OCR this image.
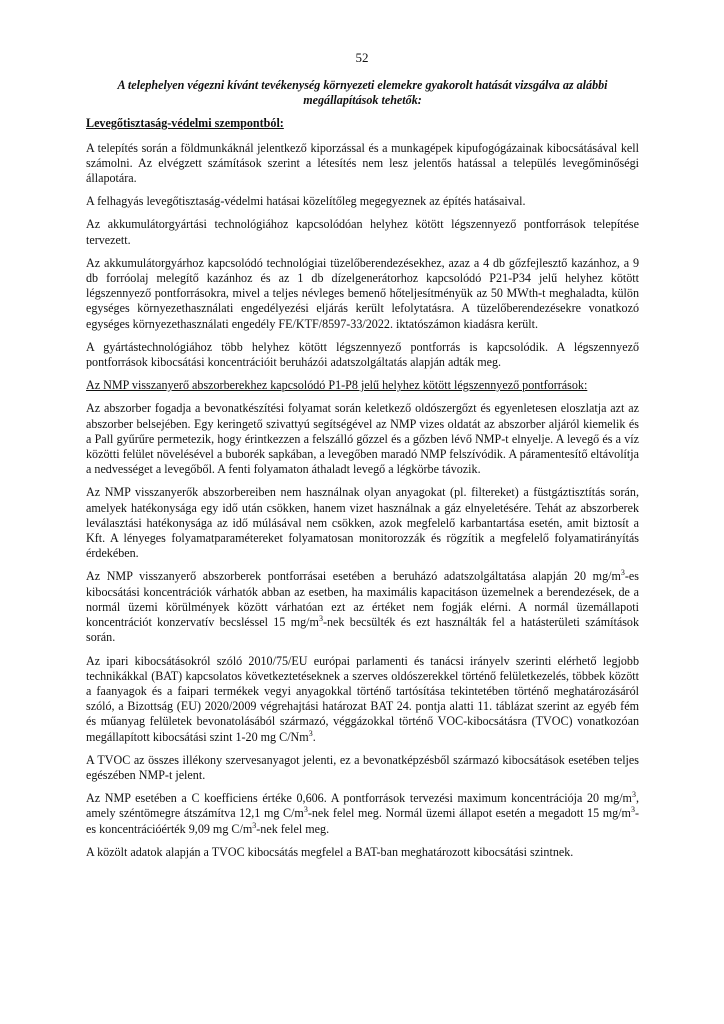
52

A telephelyen végezni kívánt tevékenység környezeti elemekre gyakorolt hatását vizsgálva az alábbi megállapítások tehetők:

Levegőtisztaság-védelmi szempontból:

A telepítés során a földmunkáknál jelentkező kiporzással és a munkagépek kipufogógázainak kibocsátásával kell számolni. Az elvégzett számítások szerint a létesítés nem lesz jelentős hatással a település levegőminőségi állapotára.

A felhagyás levegőtisztaság-védelmi hatásai közelítőleg megegyeznek az építés hatásaival.

Az akkumulátorgyártási technológiához kapcsolódóan helyhez kötött légszennyező pontforrások telepítése tervezett.

Az akkumulátorgyárhoz kapcsolódó technológiai tüzelőberendezésekhez, azaz a 4 db gőzfejlesztő kazánhoz, a 9 db forróolaj melegítő kazánhoz és az 1 db dízelgenerátorhoz kapcsolódó P21-P34 jelű helyhez kötött légszennyező pontforrásokra, mivel a teljes névleges bemenő hőteljesítményük az 50 MWth-t meghaladta, külön egységes környezethasználati engedélyezési eljárás került lefolytatásra. A tüzelőberendezésekre vonatkozó egységes környezethasználati engedély FE/KTF/8597-33/2022. iktatószámon kiadásra került.

A gyártástechnológiához több helyhez kötött légszennyező pontforrás is kapcsolódik. A légszennyező pontforrások kibocsátási koncentrációit beruházói adatszolgáltatás alapján adták meg.

Az NMP visszanyerő abszorberekhez kapcsolódó P1-P8 jelű helyhez kötött légszennyező pontforrások:

Az abszorber fogadja a bevonatkészítési folyamat során keletkező oldószergőzt és egyenletesen eloszlatja azt az abszorber belsejében. Egy keringető szivattyú segítségével az NMP vizes oldatát az abszorber aljáról kiemelik és a Pall gyűrűre permetezik, hogy érintkezzen a felszálló gőzzel és a gőzben lévő NMP-t elnyelje. A levegő és a víz közötti felület növelésével a buborék sapkában, a levegőben maradó NMP felszívódik. A páramentesítő eltávolítja a nedvességet a levegőből. A fenti folyamaton áthaladt levegő a légkörbe távozik.

Az NMP visszanyerők abszorbereiben nem használnak olyan anyagokat (pl. filtereket) a füstgáztisztítás során, amelyek hatékonysága egy idő után csökken, hanem vizet használnak a gáz elnyeletésére. Tehát az abszorberek leválasztási hatékonysága az idő múlásával nem csökken, azok megfelelő karbantartása esetén, amit biztosít a Kft. A lényeges folyamatparamétereket folyamatosan monitorozzák és rögzítik a megfelelő folyamatirányítás érdekében.

Az NMP visszanyerő abszorberek pontforrásai esetében a beruházó adatszolgáltatása alapján 20 $mg/m^3-es$ kibocsátási koncentrációk várhatók abban az esetben, ha maximális kapacitáson üzemelnek a berendezések, de a normál üzemi körülmények között várhatóan ezt az értéket nem fogják elérni. A normál üzemállapoti koncentrációt konzervatív becsléssel 15 $mg/m^3$-nek becsülték és ezt használták fel a hatásterületi számítások során.

Az ipari kibocsátásokról szóló 2010/75/EU európai parlamenti és tanácsi irányelv szerinti elérhető legjobb technikákkal (BAT) kapcsolatos következtetéseknek a szerves oldószerekkel történő felületkezelés, többek között a faanyagok és a faipari termékek vegyi anyagokkal történő tartósítása tekintetében történő meghatározásáról szóló, a Bizottság (EU) 2020/2009 végrehajtási határozat BAT 24. pontja alatti 11. táblázat szerint az egyéb fém és műanyag felületek bevonatolásából származó, véggázokkal történő VOC-kibocsátásra (TVOC) vonatkozóan megállapított kibocsátási szint 1-20 mg C/Nm$^3$.

A TVOC az összes illékony szervesanyagot jelenti, ez a bevonatképzésből származó kibocsátások esetében teljes egészében NMP-t jelent.

Az NMP esetében a C koefficiens értéke 0,606. A pontforrások tervezési maximum koncentrációja 20 $mg/m^3$, amely széntömegre átszámítva 12,1 mg $C/m^3$-nek felel meg. Normál üzemi állapot esetén a megadott 15 $mg/m^3-es$ koncentrációérték 9,09 mg $C/m^3$-nek felel meg.

A közölt adatok alapján a TVOC kibocsátás megfelel a BAT-ban meghatározott kibocsátási szintnek.
